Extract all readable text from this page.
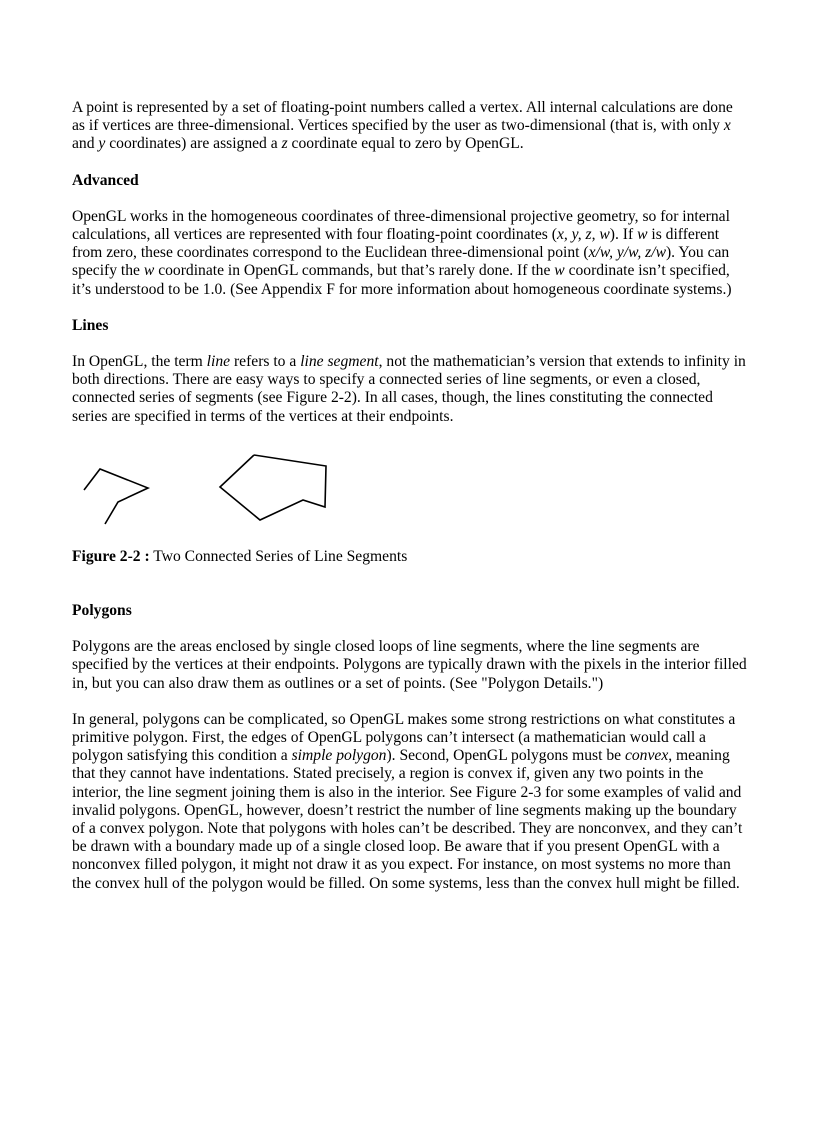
A point is represented by a set of floating-point numbers called a vertex. All internal calculations are done as if vertices are three-dimensional. Vertices specified by the user as two-dimensional (that is, with only x and y coordinates) are assigned a z coordinate equal to zero by OpenGL.

Advanced

OpenGL works in the homogeneous coordinates of three-dimensional projective geometry, so for internal calculations, all vertices are represented with four floating-point coordinates (x, y, z, w). If w is different from zero, these coordinates correspond to the Euclidean three-dimensional point (x/w, y/w, z/w). You can specify the w coordinate in OpenGL commands, but that’s rarely done. If the w coordinate isn’t specified, it’s understood to be 1.0. (See Appendix F for more information about homogeneous coordinate systems.)

Lines

In OpenGL, the term line refers to a line segment, not the mathematician’s version that extends to infinity in both directions. There are easy ways to specify a connected series of line segments, or even a closed, connected series of segments (see Figure 2-2). In all cases, though, the lines constituting the connected series are specified in terms of the vertices at their endpoints.

Figure 2-2 : Two Connected Series of Line Segments

Polygons

Polygons are the areas enclosed by single closed loops of line segments, where the line segments are specified by the vertices at their endpoints. Polygons are typically drawn with the pixels in the interior filled in, but you can also draw them as outlines or a set of points. (See "Polygon Details.")

In general, polygons can be complicated, so OpenGL makes some strong restrictions on what constitutes a primitive polygon. First, the edges of OpenGL polygons can’t intersect (a mathematician would call a polygon satisfying this condition a simple polygon). Second, OpenGL polygons must be convex, meaning that they cannot have indentations. Stated precisely, a region is convex if, given any two points in the interior, the line segment joining them is also in the interior. See Figure 2-3 for some examples of valid and invalid polygons. OpenGL, however, doesn’t restrict the number of line segments making up the boundary of a convex polygon. Note that polygons with holes can’t be described. They are nonconvex, and they can’t be drawn with a boundary made up of a single closed loop. Be aware that if you present OpenGL with a nonconvex filled polygon, it might not draw it as you expect. For instance, on most systems no more than the convex hull of the polygon would be filled. On some systems, less than the convex hull might be filled.
